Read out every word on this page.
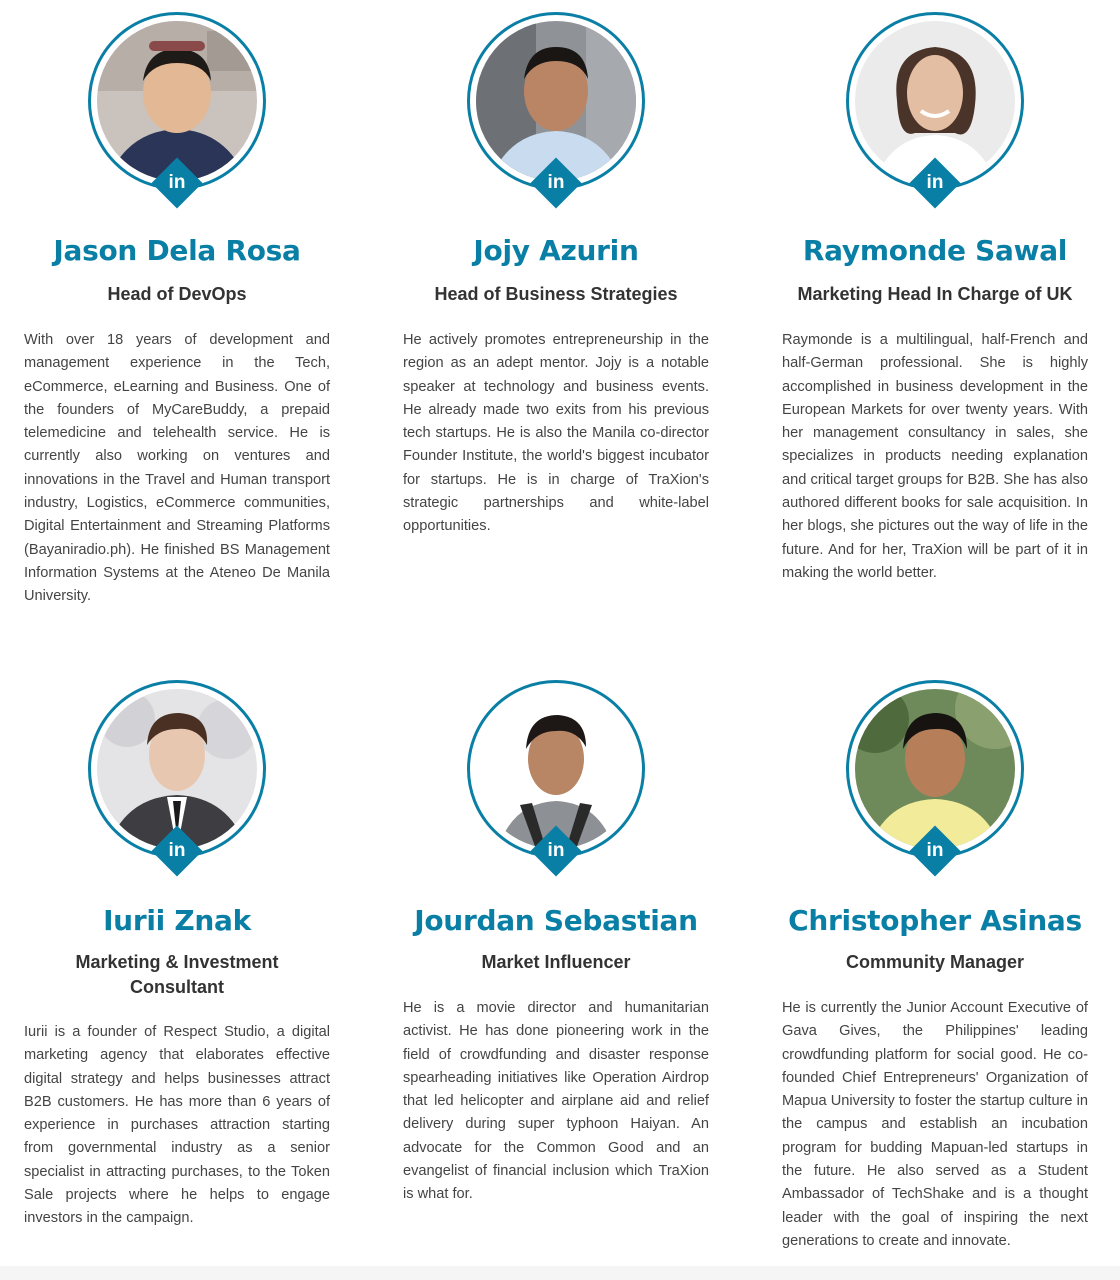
in
Jason Dela Rosa
Head of DevOps

With over 18 years of development and management experience in the Tech, eCommerce, eLearning and Business. One of the founders of MyCareBuddy, a prepaid telemedicine and telehealth service. He is currently also working on ventures and innovations in the Travel and Human transport industry, Logistics, eCommerce communities, Digital Entertainment and Streaming Platforms (Bayaniradio.ph). He finished BS Management Information Systems at the Ateneo De Manila University.

in
Jojy Azurin
Head of Business Strategies

He actively promotes entrepreneurship in the region as an adept mentor. Jojy is a notable speaker at technology and business events. He already made two exits from his previous tech startups. He is also the Manila co-director Founder Institute, the world's biggest incubator for startups. He is in charge of TraXion's strategic partnerships and white-label opportunities.

in
Raymonde Sawal
Marketing Head In Charge of UK

Raymonde is a multilingual, half-French and half-German professional. She is highly accomplished in business development in the European Markets for over twenty years. With her management consultancy in sales, she specializes in products needing explanation and critical target groups for B2B. She has also authored different books for sale acquisition. In her blogs, she pictures out the way of life in the future. And for her, TraXion will be part of it in making the world better.

in
Iurii Znak
Marketing & Investment Consultant

Iurii is a founder of Respect Studio, a digital marketing agency that elaborates effective digital strategy and helps businesses attract B2B customers. He has more than 6 years of experience in purchases attraction starting from governmental industry as a senior specialist in attracting purchases, to the Token Sale projects where he helps to engage investors in the campaign.

in
Jourdan Sebastian
Market Influencer

He is a movie director and humanitarian activist. He has done pioneering work in the field of crowdfunding and disaster response spearheading initiatives like Operation Airdrop that led helicopter and airplane aid and relief delivery during super typhoon Haiyan. An advocate for the Common Good and an evangelist of financial inclusion which TraXion is what for.

in
Christopher Asinas
Community Manager

He is currently the Junior Account Executive of Gava Gives, the Philippines' leading crowdfunding platform for social good. He co-founded Chief Entrepreneurs' Organization of Mapua University to foster the startup culture in the campus and establish an incubation program for budding Mapuan-led startups in the future. He also served as a Student Ambassador of TechShake and is a thought leader with the goal of inspiring the next generations to create and innovate.
